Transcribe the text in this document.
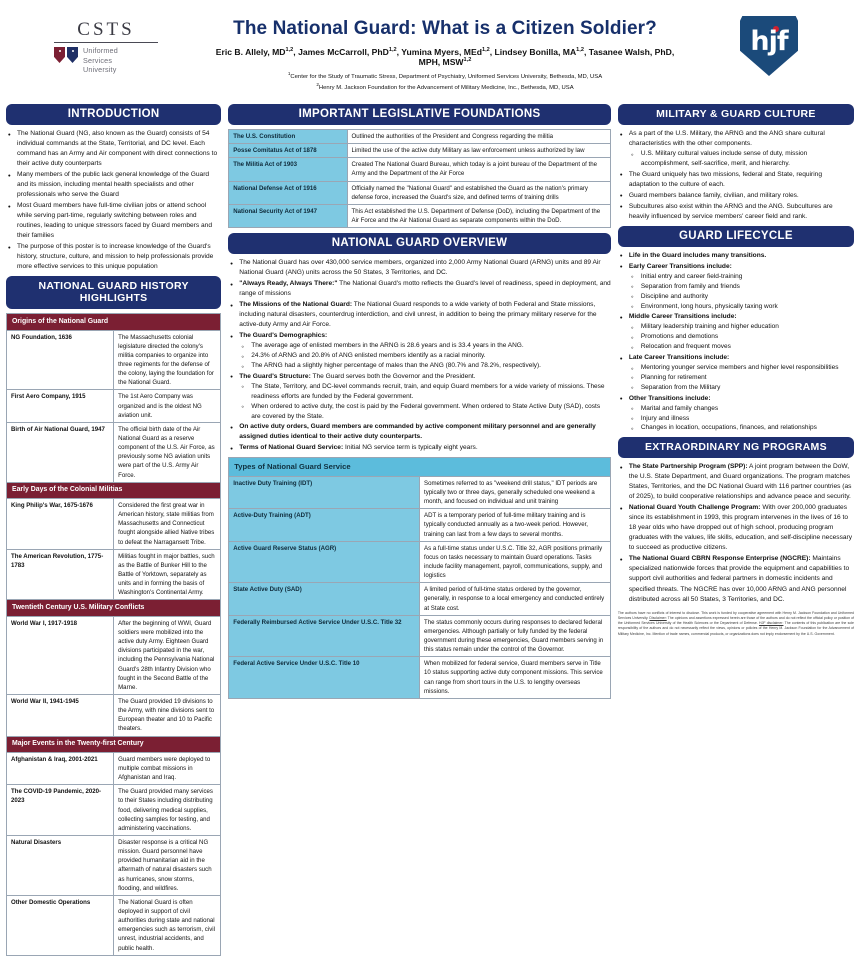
CSTS
Uniformed
Services
University
The National Guard: What is a Citizen Soldier?
Eric B. Allely, MD$^{1,2}$, James McCarroll, PhD$^{1,2}$, Yumina Myers, MEd$^{1,2}$, Lindsey Bonilla, MA$^{1,2}$, Tasanee Walsh, PhD, MPH, MSW$^{1,2}$
$^1$Center for the Study of Traumatic Stress, Department of Psychiatry, Uniformed Services University, Bethesda, MD, USA
$^2$Henry M. Jackson Foundation for the Advancement of Military Medicine, Inc., Bethesda, MD, USA
hjf
INTRODUCTION
• The National Guard (NG, also known as the Guard) consists of 54 individual commands at the State, Territorial, and DC level. Each command has an Army and Air component with direct connections to their active duty counterparts
• Many members of the public lack general knowledge of the Guard and its mission, including mental health specialists and other professionals who serve the Guard
• Most Guard members have full-time civilian jobs or attend school while serving part-time, regularly switching between roles and routines, leading to unique stressors faced by Guard members and their families
• The purpose of this poster is to increase knowledge of the Guard's history, structure, culture, and mission to help professionals provide more effective services to this unique population
NATIONAL GUARD HISTORY HIGHLIGHTS
Origins of the National Guard	
NG Foundation, 1636	The Massachusetts colonial legislature directed the colony's militia companies to organize into three regiments for the defense of the colony, laying the foundation for the National Guard.
First Aero Company, 1915	The 1st Aero Company was organized and is the oldest NG aviation unit.
Birth of Air National Guard, 1947	The official birth date of the Air National Guard as a reserve component of the U.S. Air Force, as previously some NG aviation units were part of the U.S. Army Air Force.
Early Days of the Colonial Militias	
King Philip's War, 1675-1676	Considered the first great war in American history, state militias from Massachusetts and Connecticut fought alongside allied Native tribes to defeat the Narragansett Tribe.
The American Revolution, 1775-1783	Militias fought in major battles, such as the Battle of Bunker Hill to the Battle of Yorktown, separately as units and in forming the basis of Washington's Continental Army.
Twentieth Century U.S. Military Conflicts	
World War I, 1917-1918	After the beginning of WWI, Guard soldiers were mobilized into the active duty Army. Eighteen Guard divisions participated in the war, including the Pennsylvania National Guard's 28th Infantry Division who fought in the Second Battle of the Marne.
World War II, 1941-1945	The Guard provided 19 divisions to the Army, with nine divisions sent to European theater and 10 to Pacific theaters.
Major Events in the Twenty-first Century	
Afghanistan & Iraq, 2001-2021	Guard members were deployed to multiple combat missions in Afghanistan and Iraq.
The COVID-19 Pandemic, 2020-2023	The Guard provided many services to their States including distributing food, delivering medical supplies, collecting samples for testing, and administering vaccinations.
Natural Disasters	Disaster response is a critical NG mission. Guard personnel have provided humanitarian aid in the aftermath of natural disasters such as hurricanes, snow storms, flooding, and wildfires.
Other Domestic Operations	The National Guard is often deployed in support of civil authorities during state and national emergencies such as terrorism, civil unrest, industrial accidents, and public health.
IMPORTANT LEGISLATIVE FOUNDATIONS
The U.S. Constitution	Outlined the authorities of the President and Congress regarding the militia
Posse Comitatus Act of 1878	Limited the use of the active duty Military as law enforcement unless authorized by law
The Militia Act of 1903	Created The National Guard Bureau, which today is a joint bureau of the Department of the Army and the Department of the Air Force
National Defense Act of 1916	Officially named the "National Guard" and established the Guard as the nation's primary defense force, increased the Guard's size, and defined terms of training drills
National Security Act of 1947	This Act established the U.S. Department of Defense (DoD), including the Department of the Air Force and the Air National Guard as separate components within the DoD.
NATIONAL GUARD OVERVIEW
• The National Guard has over 430,000 service members, organized into 2,000 Army National Guard (ARNG) units and 89 Air National Guard (ANG) units across the 50 States, 3 Territories, and DC.
• "Always Ready, Always There:" The National Guard's motto reflects the Guard's level of readiness, speed in deployment, and range of missions
• The Missions of the National Guard: The National Guard responds to a wide variety of both Federal and State missions, including natural disasters, counterdrug interdiction, and civil unrest, in addition to being the primary military reserve for the active-duty Army and Air Force.
• The Guard's Demographics:
◦ The average age of enlisted members in the ARNG is 28.6 years and is 33.4 years in the ANG.
◦ 24.3% of ARNG and 20.8% of ANG enlisted members identify as a racial minority.
◦ The ARNG had a slightly higher percentage of males than the ANG (80.7% and 78.2%, respectively).
• The Guard's Structure: The Guard serves both the Governor and the President.
◦ The State, Territory, and DC-level commands recruit, train, and equip Guard members for a wide variety of missions. These readiness efforts are funded by the Federal government.
◦ When ordered to active duty, the cost is paid by the Federal government. When ordered to State Active Duty (SAD), costs are covered by the State.
• On active duty orders, Guard members are commanded by active component military personnel and are generally assigned duties identical to their active duty counterparts.
• Terms of National Guard Service: Initial NG service term is typically eight years.
Types of National Guard Service	
Inactive Duty Training (IDT)	Sometimes referred to as "weekend drill status," IDT periods are typically two or three days, generally scheduled one weekend a month, and focused on individual and unit training
Active-Duty Training (ADT)	ADT is a temporary period of full-time military training and is typically conducted annually as a two-week period. However, training can last from a few days to several months.
Active Guard Reserve Status (AGR)	As a full-time status under U.S.C. Title 32, AGR positions primarily focus on tasks necessary to maintain Guard operations. Tasks include facility management, payroll, communications, supply, and logistics
State Active Duty (SAD)	A limited period of full-time status ordered by the governor, generally, in response to a local emergency and conducted entirely at State cost.
Federally Reimbursed Active Service Under U.S.C. Title 32	The status commonly occurs during responses to declared federal emergencies. Although partially or fully funded by the federal government during these emergencies, Guard members serving in this status remain under the control of the Governor.
Federal Active Service Under U.S.C. Title 10	When mobilized for federal service, Guard members serve in Title 10 status supporting active duty component missions. This service can range from short tours in the U.S. to lengthy overseas missions.
MILITARY & GUARD CULTURE
• As a part of the U.S. Military, the ARNG and the ANG share cultural characteristics with the other components.
◦ U.S. Military cultural values include sense of duty, mission accomplishment, self-sacrifice, merit, and hierarchy.
• The Guard uniquely has two missions, federal and State, requiring adaptation to the culture of each.
• Guard members balance family, civilian, and military roles.
• Subcultures also exist within the ARNG and the ANG. Subcultures are heavily influenced by service members' career field and rank.
GUARD LIFECYCLE
• Life in the Guard includes many transitions.
• Early Career Transitions include:
◦ Initial entry and career field-training
◦ Separation from family and friends
◦ Discipline and authority
◦ Environment, long hours, physically taxing work
• Middle Career Transitions include:
◦ Military leadership training and higher education
◦ Promotions and demotions
◦ Relocation and frequent moves
• Late Career Transitions include:
◦ Mentoring younger service members and higher level responsibilities
◦ Planning for retirement
◦ Separation from the Military
• Other Transitions include:
◦ Marital and family changes
◦ Injury and illness
◦ Changes in location, occupations, finances, and relationships
EXTRAORDINARY NG PROGRAMS
• The State Partnership Program (SPP): A joint program between the DoW, the U.S. State Department, and Guard organizations. The program matches States, Territories, and the DC National Guard with 116 partner countries (as of 2025), to build cooperative relationships and advance peace and security.
• National Guard Youth Challenge Program: With over 200,000 graduates since its establishment in 1993, this program intervenes in the lives of 16 to 18 year olds who have dropped out of high school, producing program graduates with the values, life skills, education, and self-discipline necessary to succeed as productive citizens.
• The National Guard CBRN Response Enterprise (NGCRE): Maintains specialized nationwide forces that provide the equipment and capabilities to support civil authorities and federal partners in domestic incidents and specified threats. The NGCRE has over 10,000 ARNG and ANG personnel distributed across all 50 States, 3 Territories, and DC.
The authors have no conflicts of interest to disclose. This work is funded by cooperative agreement with Henry M. Jackson Foundation and Uniformed Services University. Disclaimer: The opinions and assertions expressed herein are those of the authors and do not reflect the official policy or position of the Uniformed Services University of the Health Sciences or the Department of Defense. HJF disclaimer: The contents of this publication are the sole responsibility of the authors and do not necessarily reflect the views, opinions or policies of the Henry M. Jackson Foundation for the Advancement of Military Medicine, Inc. Mention of trade names, commercial products, or organizations does not imply endorsement by the U.S. Government.
